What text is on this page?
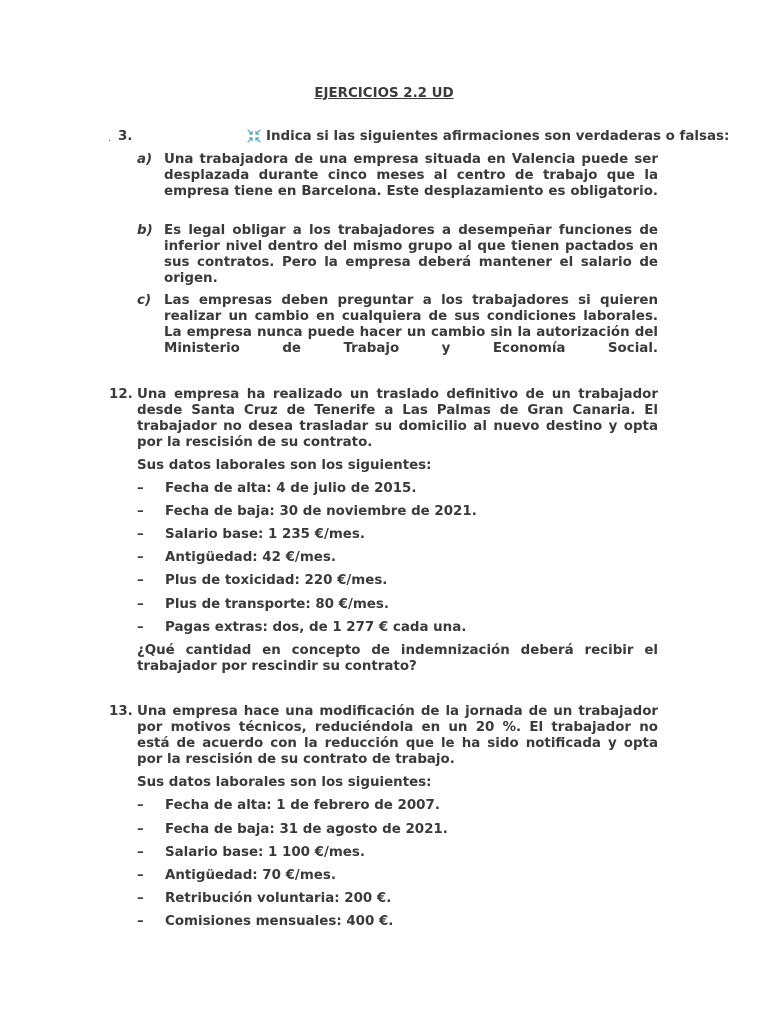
EJERCICIOS 2.2 UD
. 3.	Indica si las siguientes afirmaciones son verdaderas o falsas:
a) Una trabajadora de una empresa situada en Valencia puede ser desplazada durante cinco meses al centro de trabajo que la empresa tiene en Barcelona. Este desplazamiento es obligatorio.
b) Es legal obligar a los trabajadores a desempeñar funciones de inferior nivel dentro del mismo grupo al que tienen pactados en sus contratos. Pero la empresa deberá mantener el salario de origen.
c) Las empresas deben preguntar a los trabajadores si quieren realizar un cambio en cualquiera de sus condiciones laborales. La empresa nunca puede hacer un cambio sin la autorización del Ministerio de Trabajo y Economía Social.
12. Una empresa ha realizado un traslado definitivo de un trabajador desde Santa Cruz de Tenerife a Las Palmas de Gran Canaria. El trabajador no desea trasladar su domicilio al nuevo destino y opta por la rescisión de su contrato.
Sus datos laborales son los siguientes:
– Fecha de alta: 4 de julio de 2015.
– Fecha de baja: 30 de noviembre de 2021.
– Salario base: 1 235 €/mes.
– Antigüedad: 42 €/mes.
– Plus de toxicidad: 220 €/mes.
– Plus de transporte: 80 €/mes.
– Pagas extras: dos, de 1 277 € cada una.
¿Qué cantidad en concepto de indemnización deberá recibir el trabajador por rescindir su contrato?
13. Una empresa hace una modificación de la jornada de un trabajador por motivos técnicos, reduciéndola en un 20 %. El trabajador no está de acuerdo con la reducción que le ha sido notificada y opta por la rescisión de su contrato de trabajo.
Sus datos laborales son los siguientes:
– Fecha de alta: 1 de febrero de 2007.
– Fecha de baja: 31 de agosto de 2021.
– Salario base: 1 100 €/mes.
– Antigüedad: 70 €/mes.
– Retribución voluntaria: 200 €.
– Comisiones mensuales: 400 €.
